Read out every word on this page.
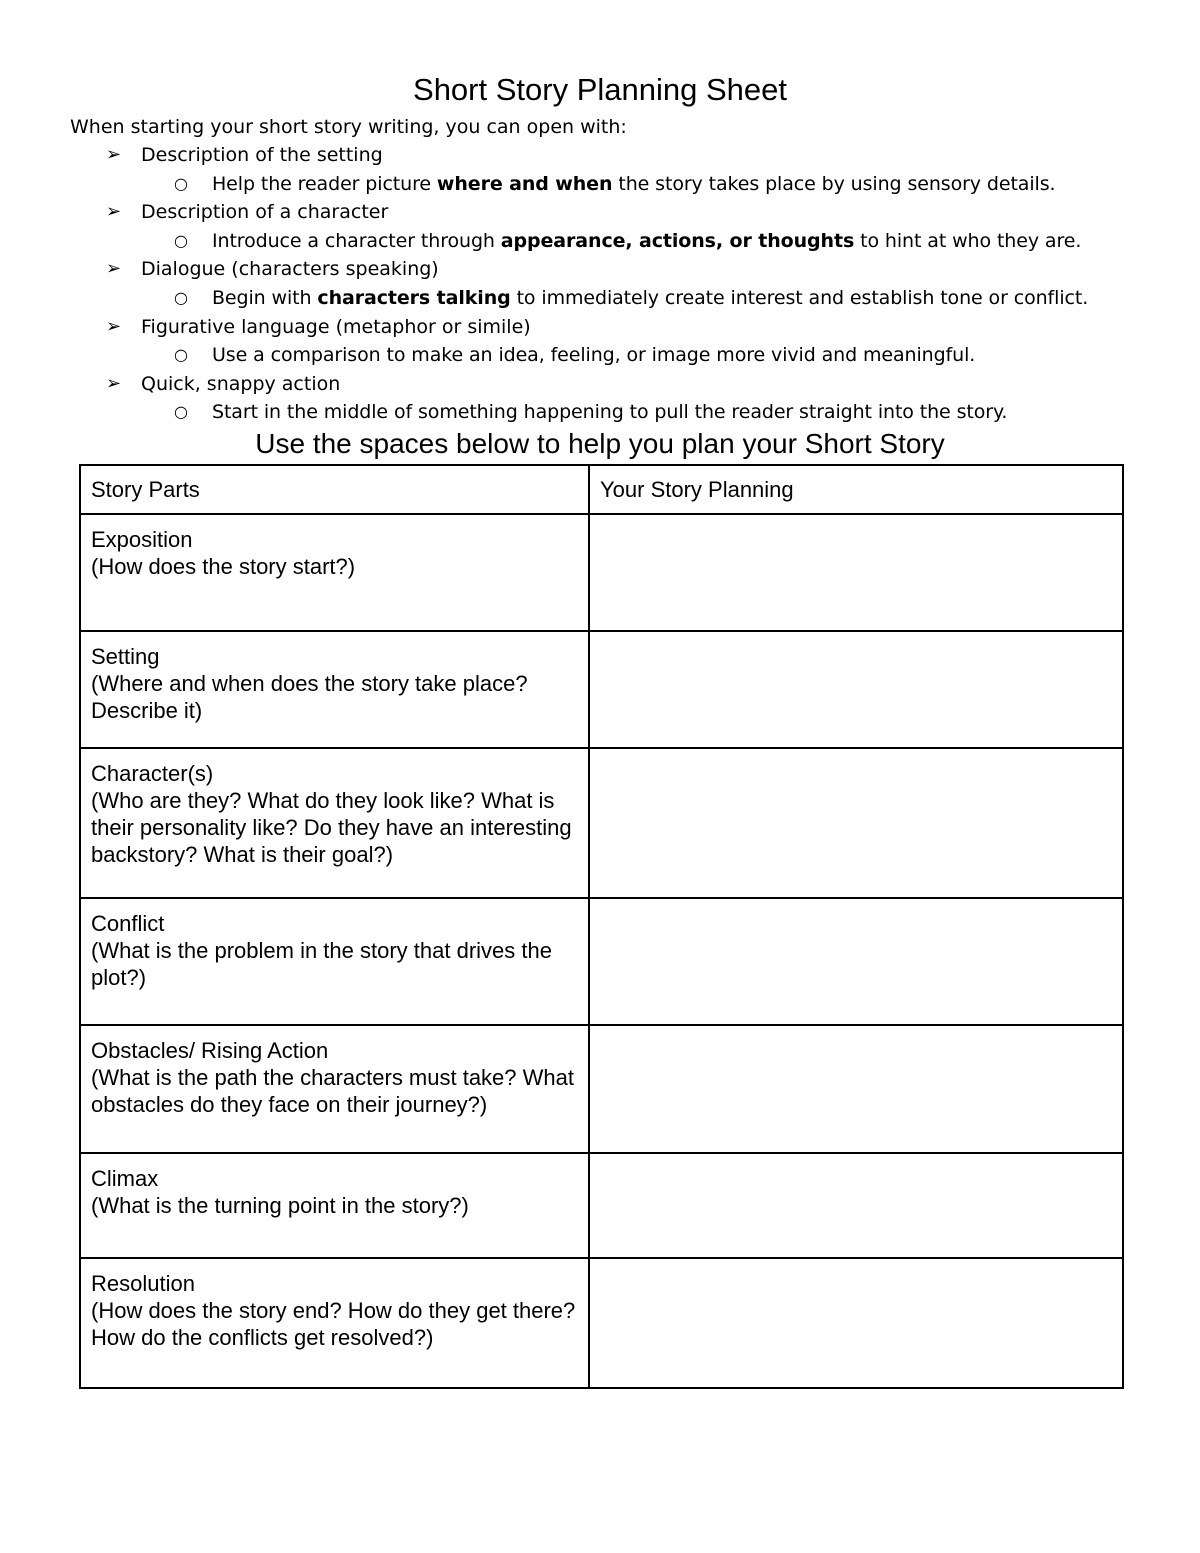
Short Story Planning Sheet
When starting your short story writing, you can open with:
➢ Description of the setting
○ Help the reader picture where and when the story takes place by using sensory details.
➢ Description of a character
○ Introduce a character through appearance, actions, or thoughts to hint at who they are.
➢ Dialogue (characters speaking)
○ Begin with characters talking to immediately create interest and establish tone or conflict.
➢ Figurative language (metaphor or simile)
○ Use a comparison to make an idea, feeling, or image more vivid and meaningful.
➢ Quick, snappy action
○ Start in the middle of something happening to pull the reader straight into the story.
Use the spaces below to help you plan your Short Story
Story Parts	Your Story Planning

Exposition
(How does the story start?)	

Setting
(Where and when does the story take place? Describe it)	

Character(s)
(Who are they? What do they look like? What is their personality like? Do they have an interesting backstory? What is their goal?)	

Conflict
(What is the problem in the story that drives the plot?)	

Obstacles/ Rising Action
(What is the path the characters must take? What obstacles do they face on their journey?)	

Climax
(What is the turning point in the story?)	

Resolution
(How does the story end? How do they get there? How do the conflicts get resolved?)	
